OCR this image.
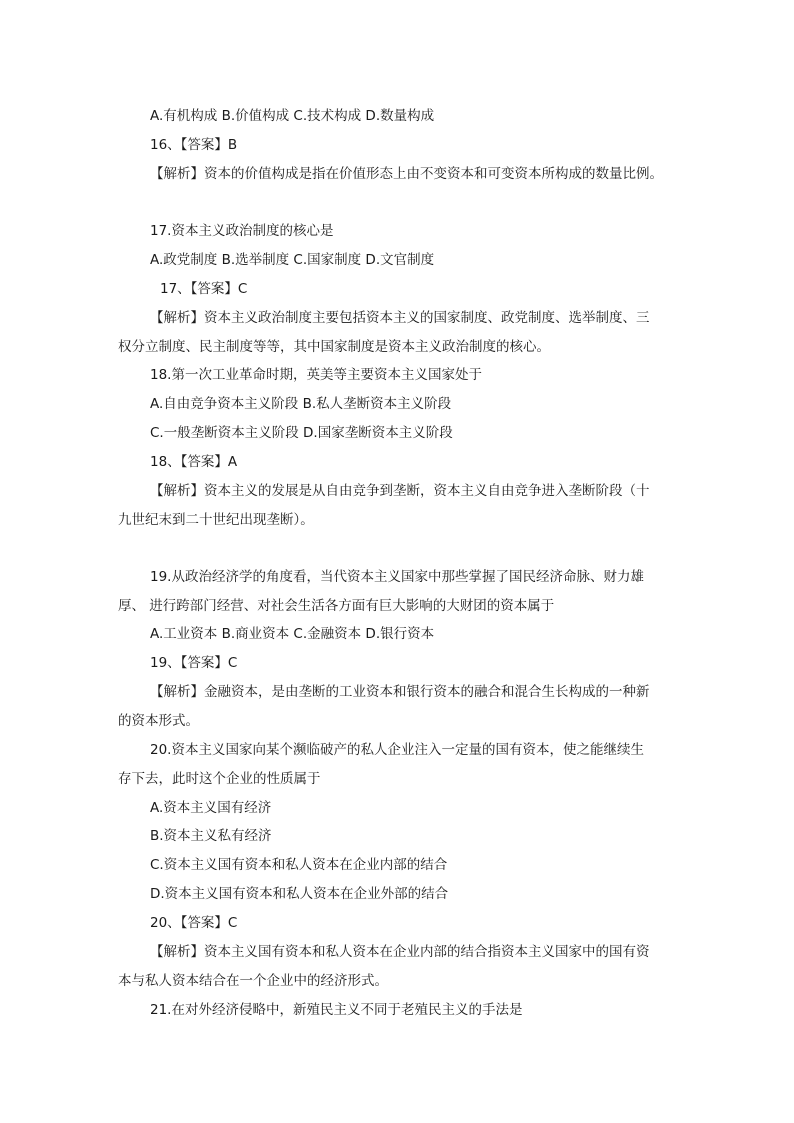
A.有机构成 B.价值构成 C.技术构成 D.数量构成
16、【答案】B
【解析】资本的价值构成是指在价值形态上由不变资本和可变资本所构成的数量比例。
17.资本主义政治制度的核心是
A.政党制度 B.选举制度 C.国家制度 D.文官制度
17、【答案】C
【解析】资本主义政治制度主要包括资本主义的国家制度、政党制度、选举制度、三
权分立制度、民主制度等等，其中国家制度是资本主义政治制度的核心。
18.第一次工业革命时期，英美等主要资本主义国家处于
A.自由竞争资本主义阶段 B.私人垄断资本主义阶段
C.一般垄断资本主义阶段 D.国家垄断资本主义阶段
18、【答案】A
【解析】资本主义的发展是从自由竞争到垄断，资本主义自由竞争进入垄断阶段（十
九世纪末到二十世纪出现垄断）。
19.从政治经济学的角度看，当代资本主义国家中那些掌握了国民经济命脉、财力雄
厚、 进行跨部门经营、对社会生活各方面有巨大影响的大财团的资本属于
A.工业资本 B.商业资本 C.金融资本 D.银行资本
19、【答案】C
【解析】金融资本，是由垄断的工业资本和银行资本的融合和混合生长构成的一种新
的资本形式。
20.资本主义国家向某个濒临破产的私人企业注入一定量的国有资本，使之能继续生
存下去，此时这个企业的性质属于
A.资本主义国有经济
B.资本主义私有经济
C.资本主义国有资本和私人资本在企业内部的结合
D.资本主义国有资本和私人资本在企业外部的结合
20、【答案】C
【解析】资本主义国有资本和私人资本在企业内部的结合指资本主义国家中的国有资
本与私人资本结合在一个企业中的经济形式。
21.在对外经济侵略中，新殖民主义不同于老殖民主义的手法是
